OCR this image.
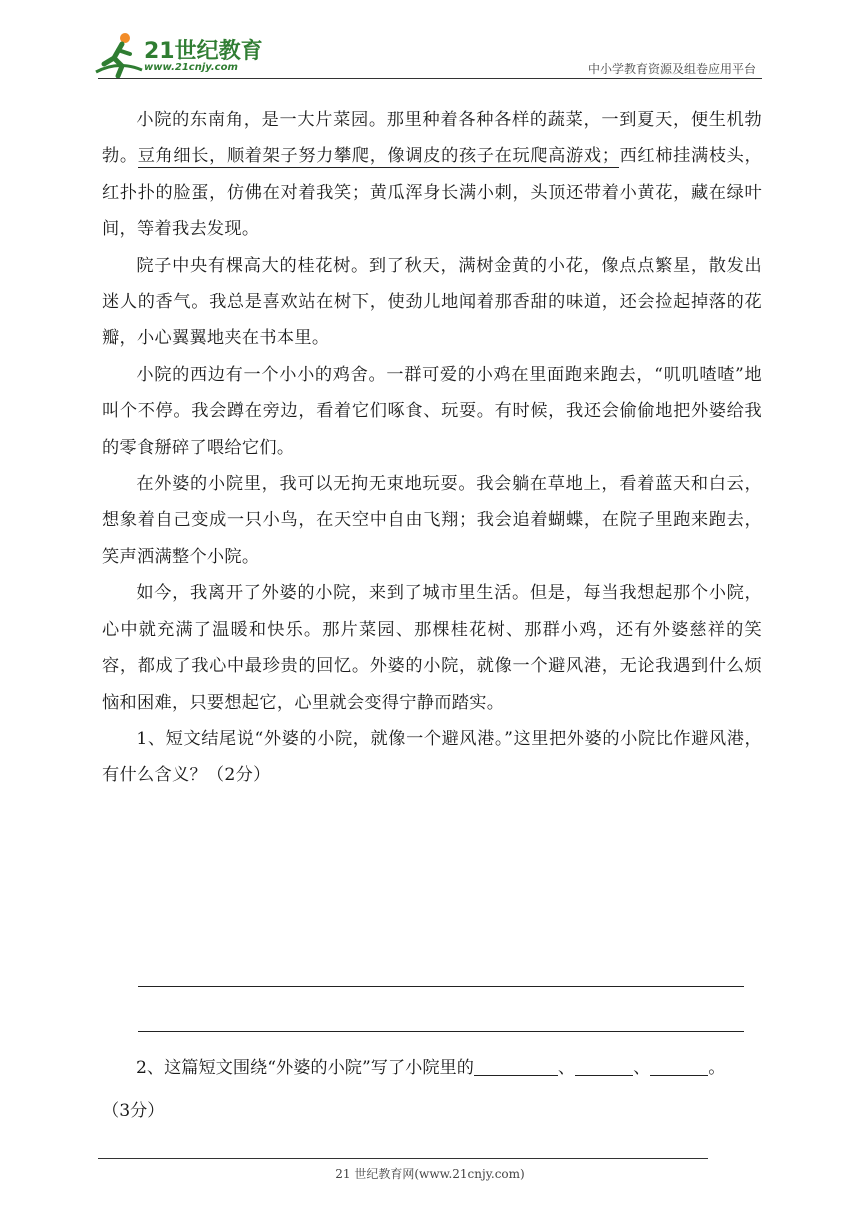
21世纪教育
www.21cnjy.com	中小学教育资源及组卷应用平台

小院的东南角，是一大片菜园。那里种着各种各样的蔬菜，一到夏天，便生机勃勃。豆角细长，顺着架子努力攀爬，像调皮的孩子在玩爬高游戏；西红柿挂满枝头，红扑扑的脸蛋，仿佛在对着我笑；黄瓜浑身长满小刺，头顶还带着小黄花，藏在绿叶间，等着我去发现。

院子中央有棵高大的桂花树。到了秋天，满树金黄的小花，像点点繁星，散发出迷人的香气。我总是喜欢站在树下，使劲儿地闻着那香甜的味道，还会捡起掉落的花瓣，小心翼翼地夹在书本里。

小院的西边有一个小小的鸡舍。一群可爱的小鸡在里面跑来跑去，“叽叽喳喳”地叫个不停。我会蹲在旁边，看着它们啄食、玩耍。有时候，我还会偷偷地把外婆给我的零食掰碎了喂给它们。

在外婆的小院里，我可以无拘无束地玩耍。我会躺在草地上，看着蓝天和白云，想象着自己变成一只小鸟，在天空中自由飞翔；我会追着蝴蝶，在院子里跑来跑去，笑声洒满整个小院。

如今，我离开了外婆的小院，来到了城市里生活。但是，每当我想起那个小院，心中就充满了温暖和快乐。那片菜园、那棵桂花树、那群小鸡，还有外婆慈祥的笑容，都成了我心中最珍贵的回忆。外婆的小院，就像一个避风港，无论我遇到什么烦恼和困难，只要想起它，心里就会变得宁静而踏实。

1、短文结尾说“外婆的小院，就像一个避风港。”这里把外婆的小院比作避风港，有什么含义？（2分）

2、这篇短文围绕“外婆的小院”写了小院里的	、	、	。
（3分）
21 世纪教育网(www.21cnjy.com)
